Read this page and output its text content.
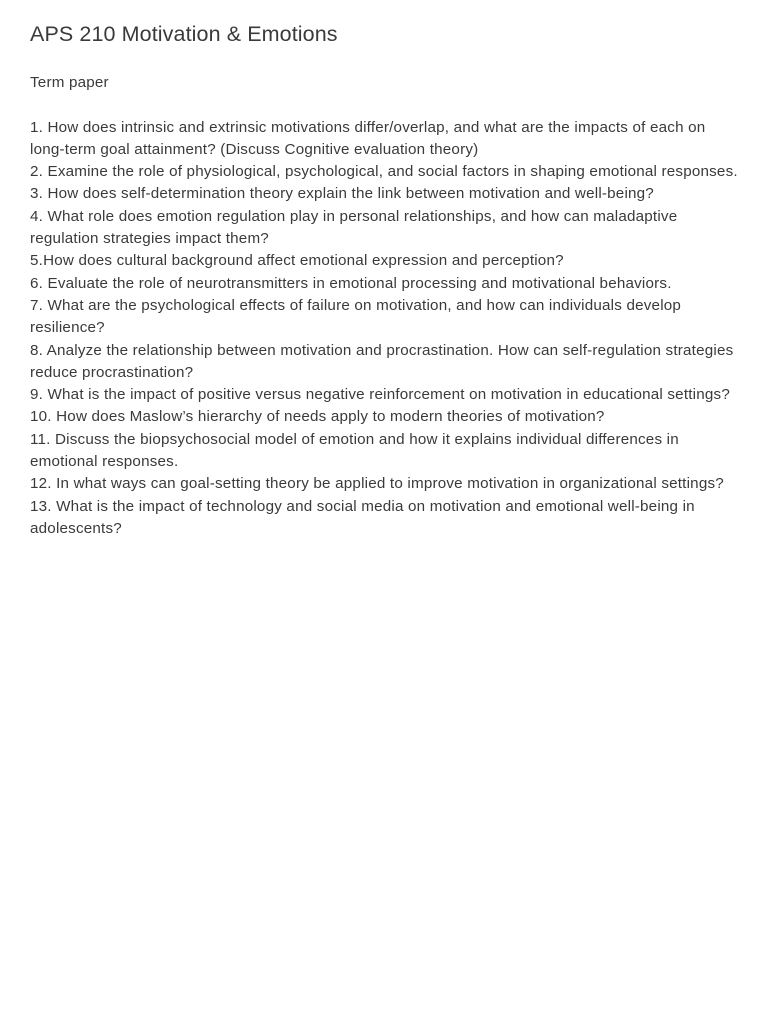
APS 210 Motivation & Emotions
Term paper
1. How does intrinsic and extrinsic motivations differ/overlap, and what are the impacts of each on long-term goal attainment? (Discuss Cognitive evaluation theory)
2. Examine the role of physiological, psychological, and social factors in shaping emotional responses.
3. How does self-determination theory explain the link between motivation and well-being?
4. What role does emotion regulation play in personal relationships, and how can maladaptive regulation strategies impact them?
5.How does cultural background affect emotional expression and perception?
6. Evaluate the role of neurotransmitters in emotional processing and motivational behaviors.
7. What are the psychological effects of failure on motivation, and how can individuals develop resilience?
8. Analyze the relationship between motivation and procrastination. How can self-regulation strategies reduce procrastination?
9. What is the impact of positive versus negative reinforcement on motivation in educational settings?
10. How does Maslow’s hierarchy of needs apply to modern theories of motivation?
11. Discuss the biopsychosocial model of emotion and how it explains individual differences in emotional responses.
12. In what ways can goal-setting theory be applied to improve motivation in organizational settings?
13. What is the impact of technology and social media on motivation and emotional well-being in adolescents?
